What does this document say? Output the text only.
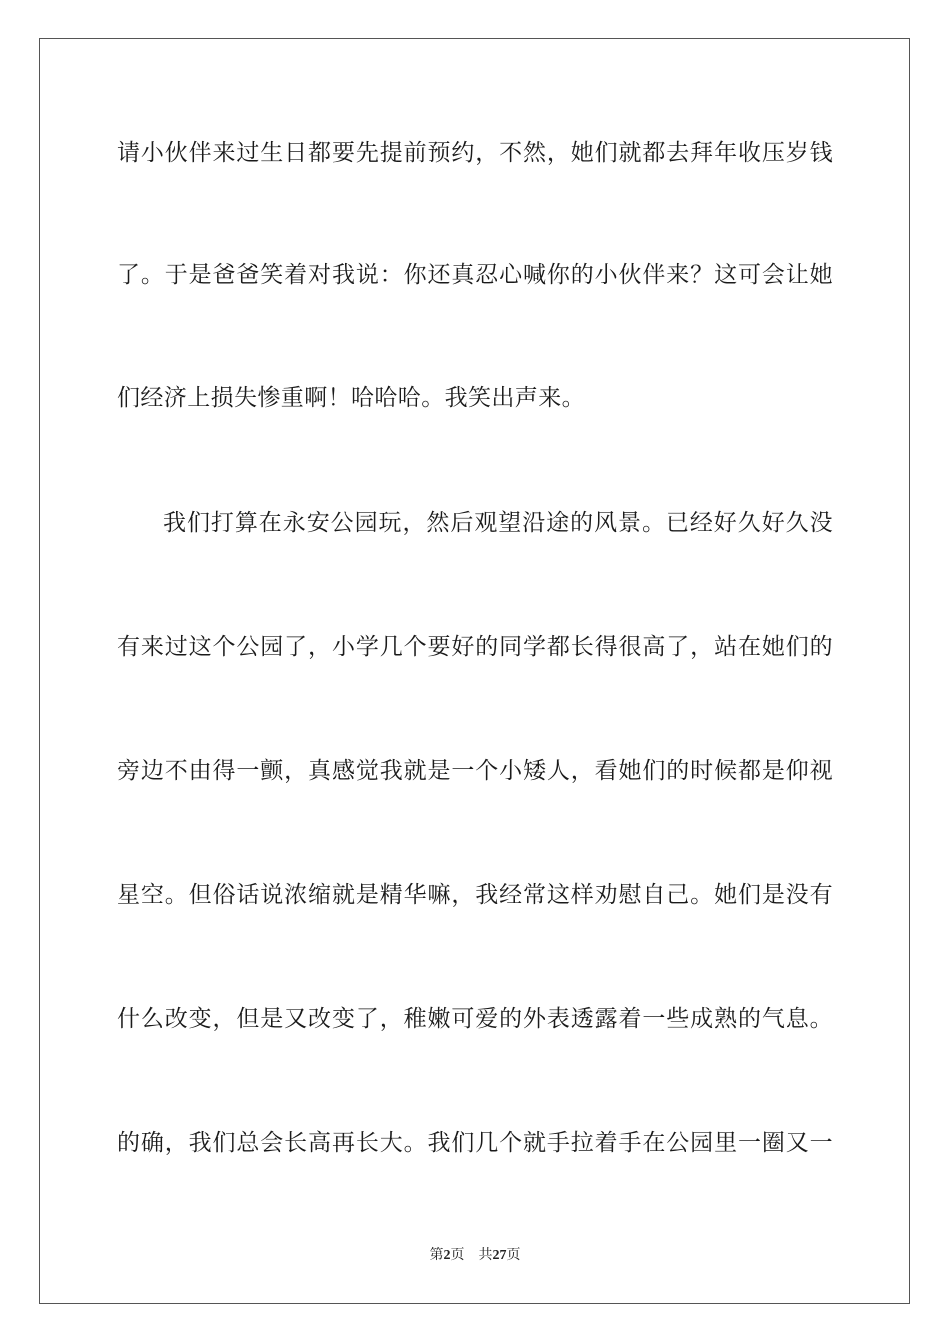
请小伙伴来过生日都要先提前预约，不然，她们就都去拜年收压岁钱
了。于是爸爸笑着对我说：你还真忍心喊你的小伙伴来？这可会让她
们经济上损失惨重啊！哈哈哈。我笑出声来。
我们打算在永安公园玩，然后观望沿途的风景。已经好久好久没
有来过这个公园了，小学几个要好的同学都长得很高了，站在她们的
旁边不由得一颤，真感觉我就是一个小矮人，看她们的时候都是仰视
星空。但俗话说浓缩就是精华嘛，我经常这样劝慰自己。她们是没有
什么改变，但是又改变了，稚嫩可爱的外表透露着一些成熟的气息。
的确，我们总会长高再长大。我们几个就手拉着手在公园里一圈又一
第2页 共27页
